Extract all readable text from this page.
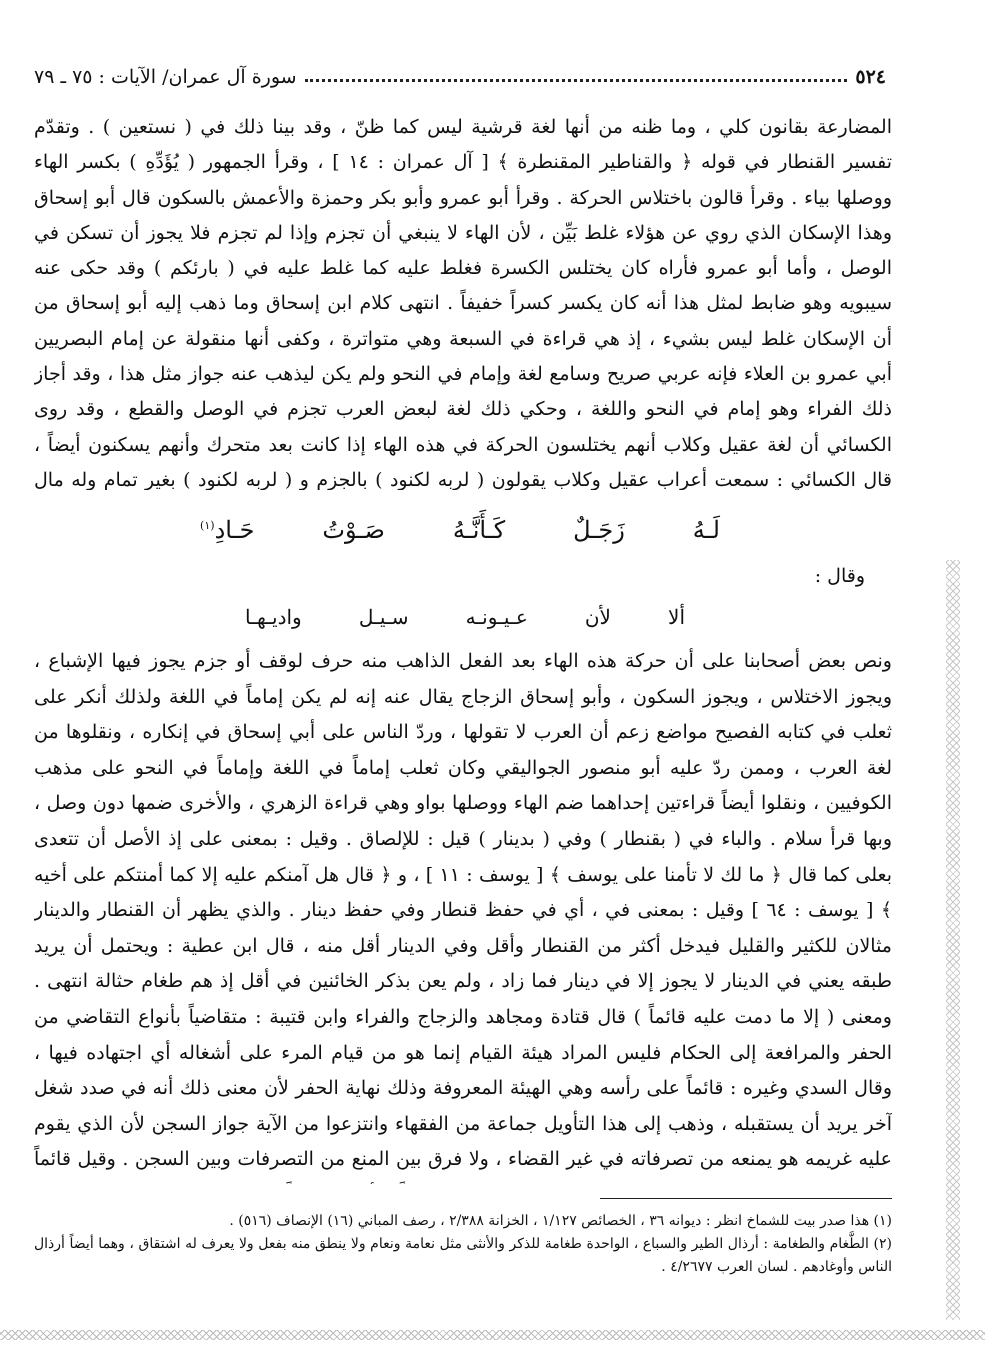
٥٢٤
سورة آل عمران/ الآيات : ٧٥ ـ ٧٩

المضارعة بقانون كلي ، وما ظنه من أنها لغة قرشية ليس كما ظنّ ، وقد بينا ذلك في ( نستعين ) . وتقدّم تفسير القنطار في قوله ﴿ والقناطير المقنطرة ﴾ [ آل عمران : ١٤ ] ، وقرأ الجمهور ( يُؤَدِّهِ ) بكسر الهاء ووصلها بياء . وقرأ قالون باختلاس الحركة . وقرأ أبو عمرو وأبو بكر وحمزة والأعمش بالسكون قال أبو إسحاق وهذا الإسكان الذي روي عن هؤلاء غلط بَيِّن ، لأن الهاء لا ينبغي أن تجزم وإذا لم تجزم فلا يجوز أن تسكن في الوصل ، وأما أبو عمرو فأراه كان يختلس الكسرة فغلط عليه كما غلط عليه في ( بارئكم ) وقد حكى عنه سيبويه وهو ضابط لمثل هذا أنه كان يكسر كسراً خفيفاً . انتهى كلام ابن إسحاق وما ذهب إليه أبو إسحاق من أن الإسكان غلط ليس بشيء ، إذ هي قراءة في السبعة وهي متواترة ، وكفى أنها منقولة عن إمام البصريين أبي عمرو بن العلاء فإنه عربي صريح وسامع لغة وإمام في النحو ولم يكن ليذهب عنه جواز مثل هذا ، وقد أجاز ذلك الفراء وهو إمام في النحو واللغة ، وحكي ذلك لغة لبعض العرب تجزم في الوصل والقطع ، وقد روى الكسائي أن لغة عقيل وكلاب أنهم يختلسون الحركة في هذه الهاء إذا كانت بعد متحرك وأنهم يسكنون أيضاً ، قال الكسائي : سمعت أعراب عقيل وكلاب يقولون ( لربه لكنود ) بالجزم و ( لربه لكنود ) بغير تمام وله مال

لَـهُ
زَجَـلٌ
كَـأَنَّـهُ
صَـوْتُ
حَـادِ$^{(١)}$
وقال :
ألا
لأن
عـيـونـه
سـيـل
واديـهـا

ونص بعض أصحابنا على أن حركة هذه الهاء بعد الفعل الذاهب منه حرف لوقف أو جزم يجوز فيها الإشباع ، ويجوز الاختلاس ، ويجوز السكون ، وأبو إسحاق الزجاج يقال عنه إنه لم يكن إماماً في اللغة ولذلك أنكر على ثعلب في كتابه الفصيح مواضع زعم أن العرب لا تقولها ، وردّ الناس على أبي إسحاق في إنكاره ، ونقلوها من لغة العرب ، وممن ردّ عليه أبو منصور الجواليقي وكان ثعلب إماماً في اللغة وإماماً في النحو على مذهب الكوفيين ، ونقلوا أيضاً قراءتين إحداهما ضم الهاء ووصلها بواو وهي قراءة الزهري ، والأخرى ضمها دون وصل ، وبها قرأ سلام . والباء في ( بقنطار ) وفي ( بدينار ) قيل : للإلصاق . وقيل : بمعنى على إذ الأصل أن تتعدى بعلى كما قال ﴿ ما لك لا تأمنا على يوسف ﴾ [ يوسف : ١١ ] ، و ﴿ قال هل آمنكم عليه إلا كما أمنتكم على أخيه ﴾ [ يوسف : ٦٤ ] وقيل : بمعنى في ، أي في حفظ قنطار وفي حفظ دينار . والذي يظهر أن القنطار والدينار مثالان للكثير والقليل فيدخل أكثر من القنطار وأقل وفي الدينار أقل منه ، قال ابن عطية : ويحتمل أن يريد طبقه يعني في الدينار لا يجوز إلا في دينار فما زاد ، ولم يعن بذكر الخائنين في أقل إذ هم طغام حثالة انتهى . ومعنى ( إلا ما دمت عليه قائماً ) قال قتادة ومجاهد والزجاج والفراء وابن قتيبة : متقاضياً بأنواع التقاضي من الحفر والمرافعة إلى الحكام فليس المراد هيئة القيام إنما هو من قيام المرء على أشغاله أي اجتهاده فيها ، وقال السدي وغيره : قائماً على رأسه وهي الهيئة المعروفة وذلك نهاية الحفر لأن معنى ذلك أنه في صدد شغل آخر يريد أن يستقبله ، وذهب إلى هذا التأويل جماعة من الفقهاء وانتزعوا من الآية جواز السجن لأن الذي يقوم عليه غريمه هو يمنعه من تصرفاته في غير القضاء ، ولا فرق بين المنع من التصرفات وبين السجن . وقيل قائماً

(١) هذا صدر بيت للشماخ انظر : ديوانه ٣٦ ، الخصائص ١/١٢٧ ، الخزانة ٢/٣٨٨ ، رصف المباني (١٦) الإنصاف (٥١٦) .

(٢) الطَّغام والطغامة : أرذال الطير والسباع ، الواحدة طغامة للذكر والأنثى مثل نعامة ونعام ولا ينطق منه بفعل ولا يعرف له اشتقاق ، وهما أيضاً أرذال الناس وأوغادهم . لسان العرب ٤/٢٦٧٧ .
